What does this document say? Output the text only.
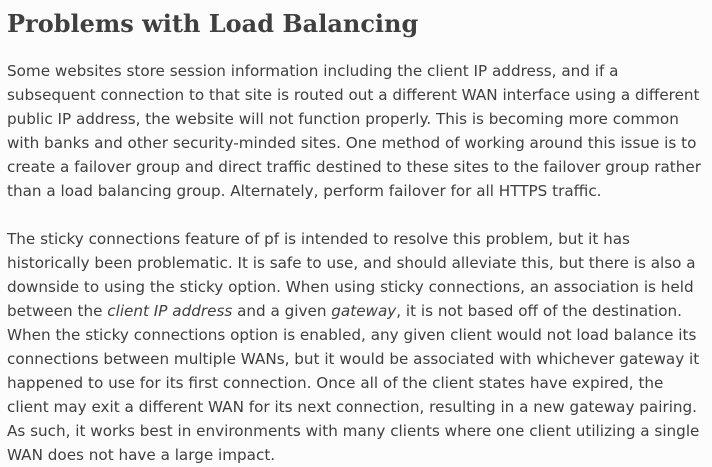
Problems with Load Balancing

Some websites store session information including the client IP address, and if a subsequent connection to that site is routed out a different WAN interface using a different public IP address, the website will not function properly. This is becoming more common with banks and other security-minded sites. One method of working around this issue is to create a failover group and direct traffic destined to these sites to the failover group rather than a load balancing group. Alternately, perform failover for all HTTPS traffic.

The sticky connections feature of pf is intended to resolve this problem, but it has historically been problematic. It is safe to use, and should alleviate this, but there is also a downside to using the sticky option. When using sticky connections, an association is held between the client IP address and a given gateway, it is not based off of the destination. When the sticky connections option is enabled, any given client would not load balance its connections between multiple WANs, but it would be associated with whichever gateway it happened to use for its first connection. Once all of the client states have expired, the client may exit a different WAN for its next connection, resulting in a new gateway pairing. As such, it works best in environments with many clients where one client utilizing a single WAN does not have a large impact.
